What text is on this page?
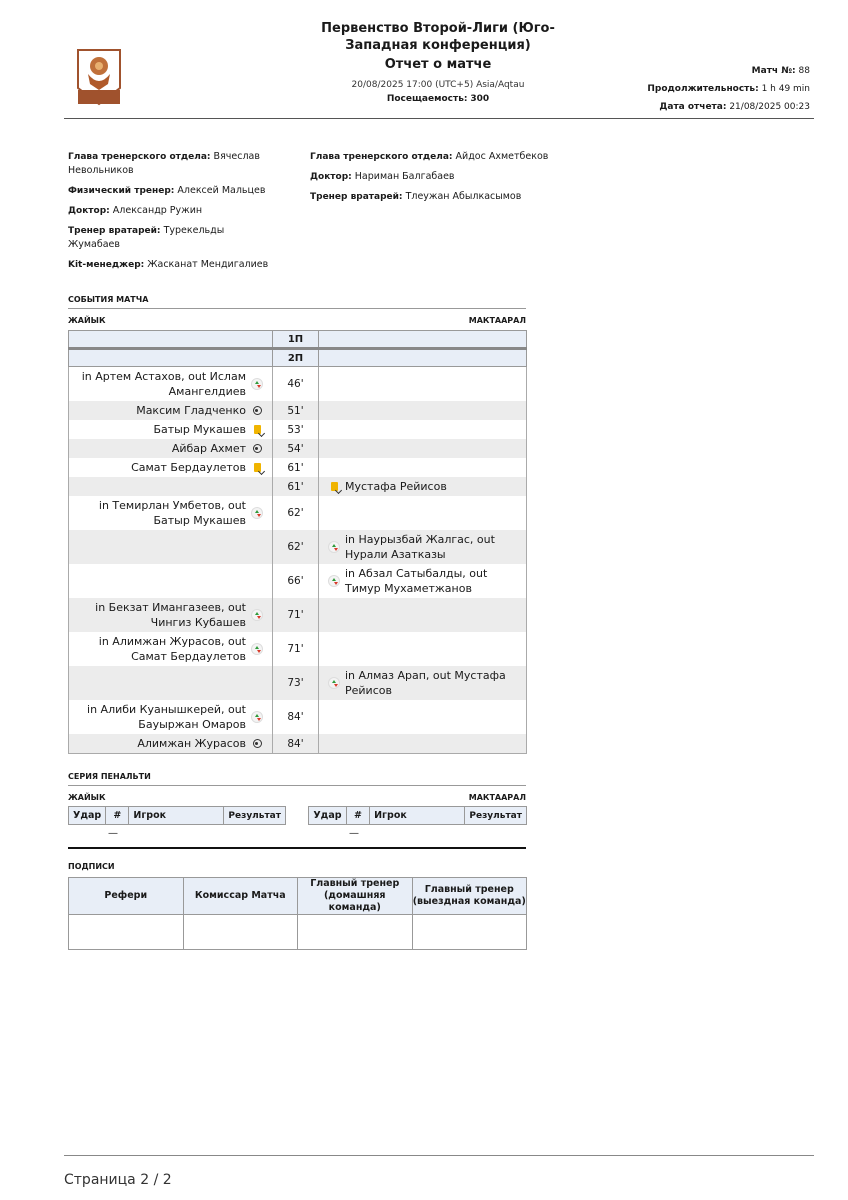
Первенство Второй-Лиги (Юго-Западная конференция)
Отчет о матче
20/08/2025 17:00 (UTC+5) Asia/Aqtau
Посещаемость: 300
Матч №: 88
Продолжительность: 1 h 49 min
Дата отчета: 21/08/2025 00:23
Глава тренерского отдела: Вячеслав Невольников
Физический тренер: Алексей Мальцев
Доктор: Александр Ружин
Тренер вратарей: Турекельды Жумабаев
Kit-менеджер: Жасканат Мендигалиев
Глава тренерского отдела: Айдос Ахметбеков
Доктор: Нариман Балгабаев
Тренер вратарей: Тлеужан Абылкасымов
СОБЫТИЯ МАТЧА
ЖАЙЫК	МАКТААРАЛ
	1П	
	2П	

in Артем Астахов, out Ислам Амангелдиев	46'	

Максим Гладченко	51'	

Батыр Мукашев	53'	

Айбар Ахмет	54'	

Самат Бердаулетов	61'	
	61'	Мустафа Рейисов

in Темирлан Умбетов, out Батыр Мукашев	62'	
	62'	in Наурызбай Жалгас, out Нурали Азатказы

	66'	in Абзал Сатыбалды, out Тимур Мухаметжанов

in Бекзат Имангазеев, out Чингиз Кубашев	71'	

in Алимжан Журасов, out Самат Бердаулетов	71'	
	73'	in Алмаз Арап, out Мустафа Рейисов

in Алиби Куанышкерей, out Бауыржан Омаров	84'	

Алимжан Журасов	84'	
СЕРИЯ ПЕНАЛЬТИ
ЖАЙЫК	МАКТААРАЛ
Удар	#	Игрок	Результат	Удар	#	Игрок	Результат
—	—
ПОДПИСИ
Рефери	Комиссар Матча	Главный тренер (домашняя команда)	Главный тренер (выездная команда)

Страница 2 / 2
